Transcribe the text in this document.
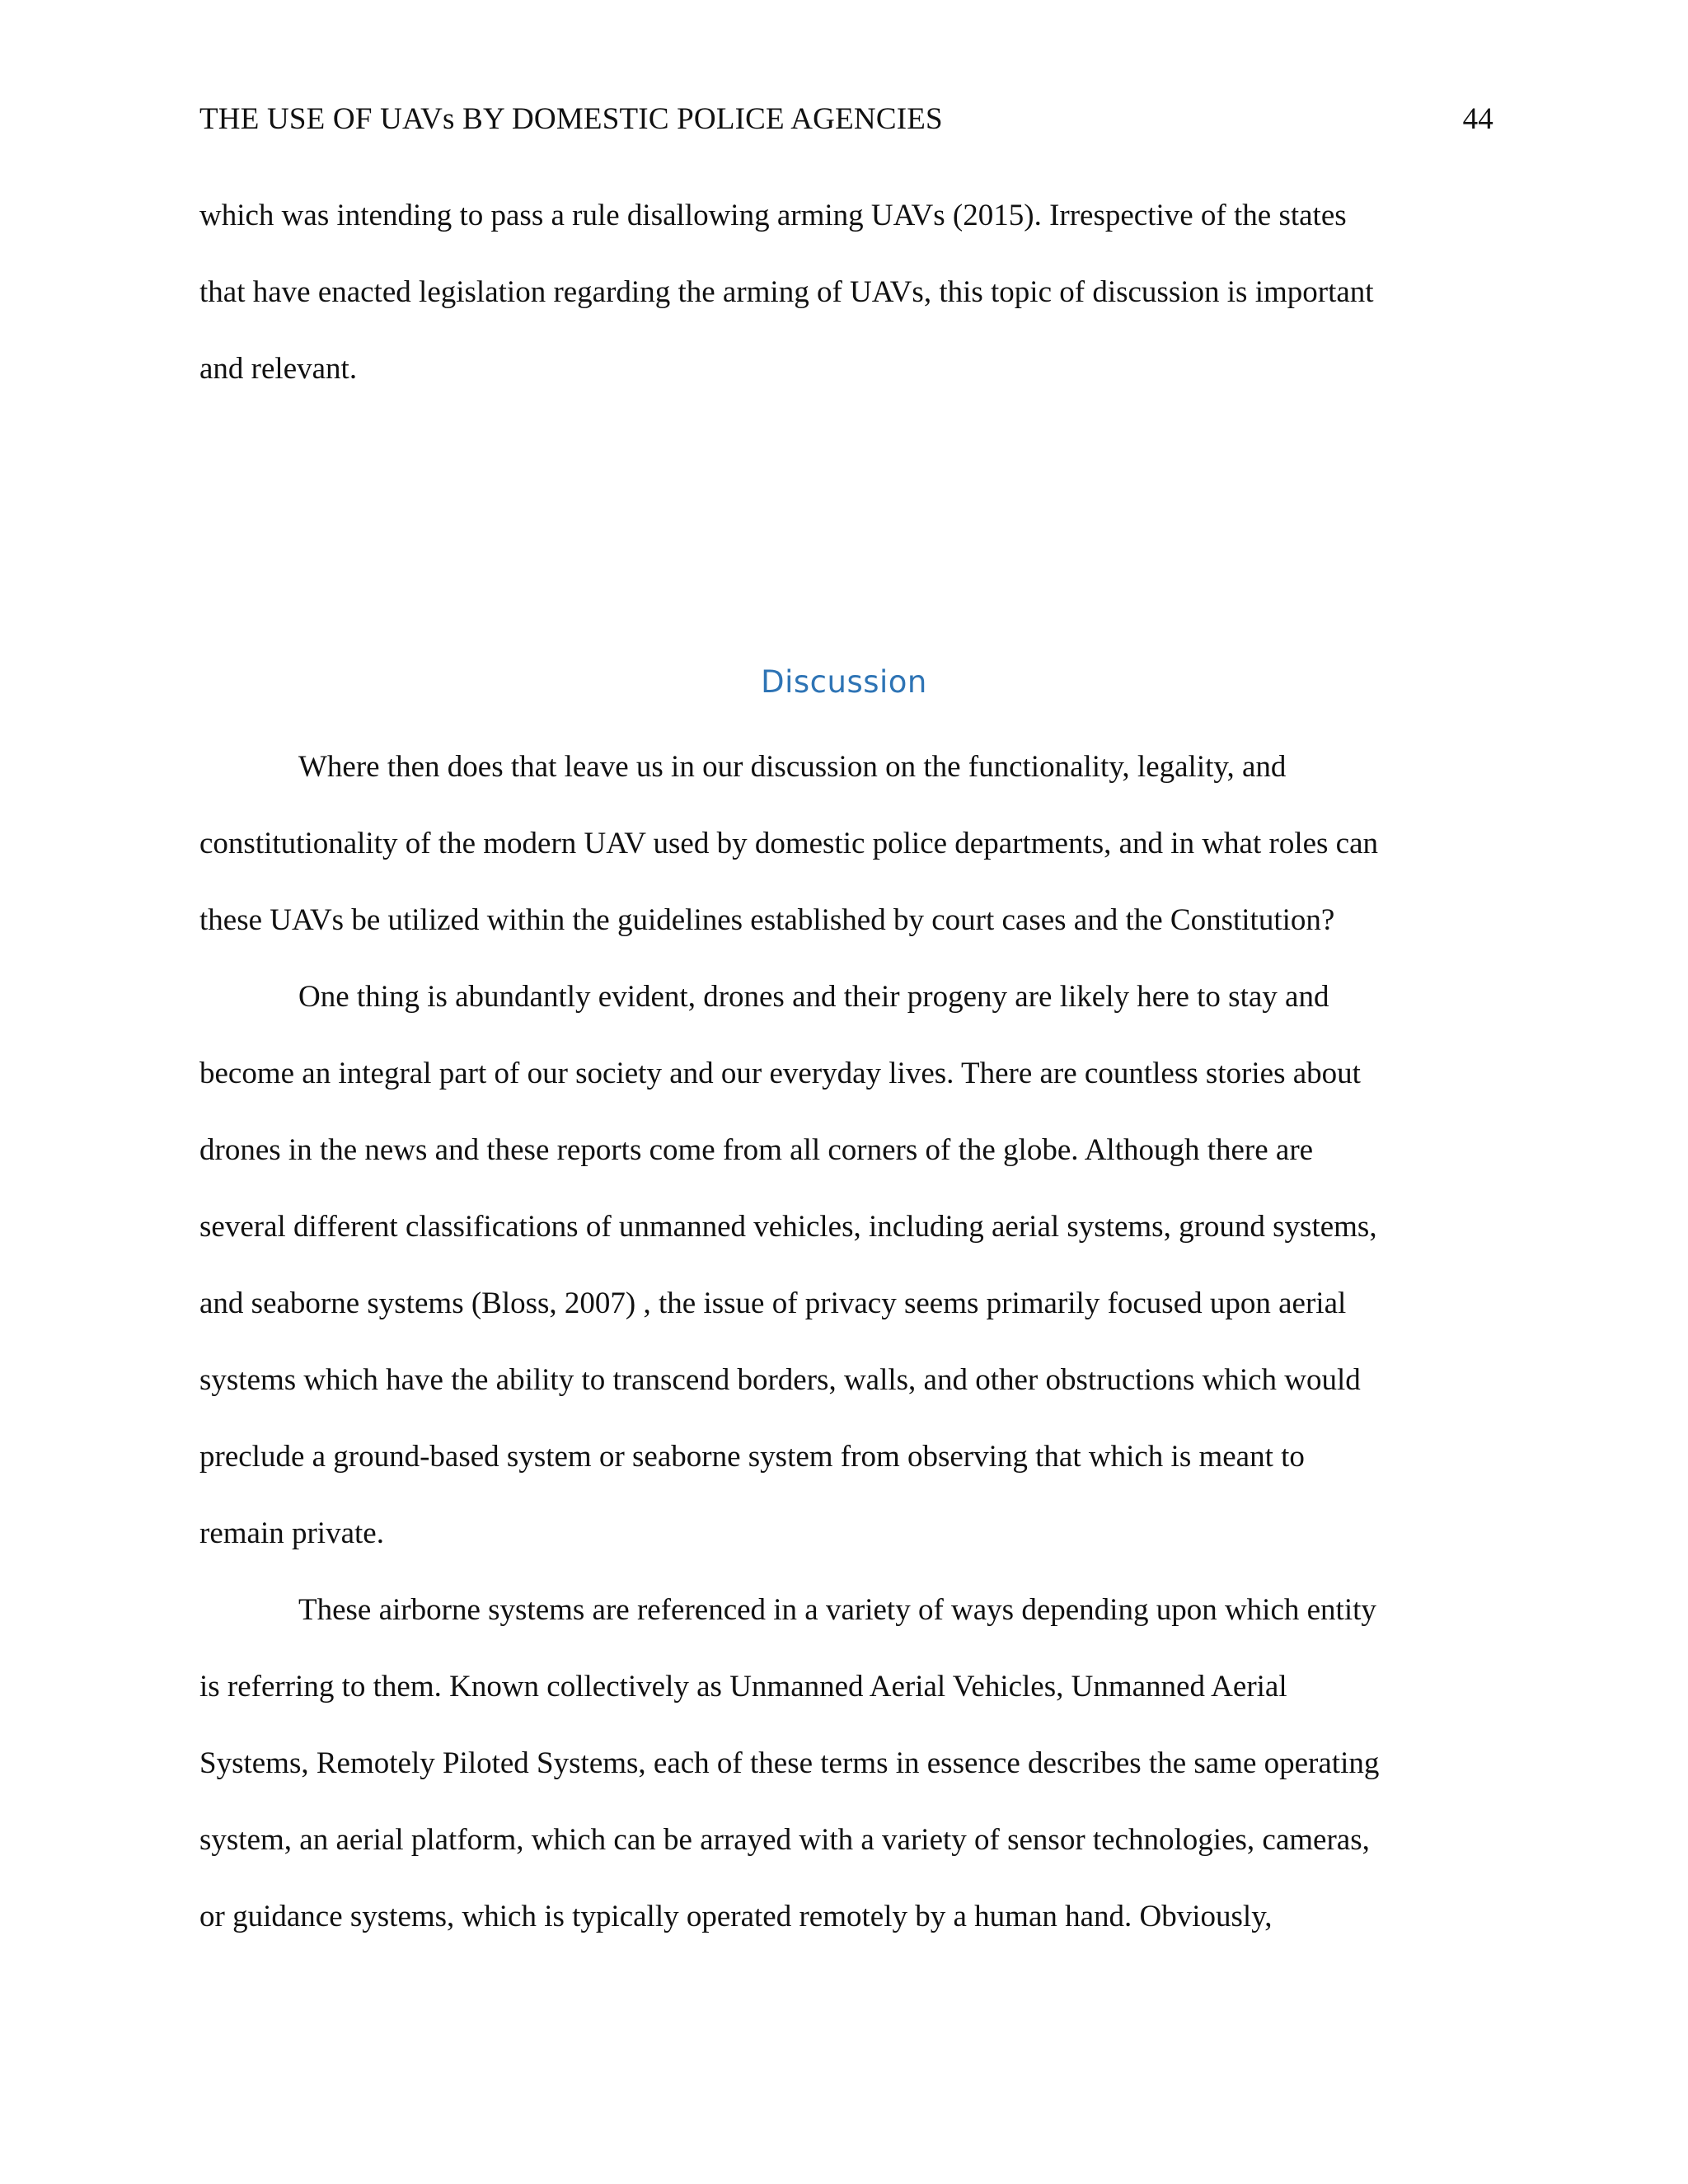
THE USE OF UAVs BY DOMESTIC POLICE AGENCIES	44
which was intending to pass a rule disallowing arming UAVs (2015). Irrespective of the states
that have enacted legislation regarding the arming of UAVs, this topic of discussion is important
and relevant.
Discussion
Where then does that leave us in our discussion on the functionality, legality, and
constitutionality of the modern UAV used by domestic police departments, and in what roles can
these UAVs be utilized within the guidelines established by court cases and the Constitution?
One thing is abundantly evident, drones and their progeny are likely here to stay and
become an integral part of our society and our everyday lives. There are countless stories about
drones in the news and these reports come from all corners of the globe. Although there are
several different classifications of unmanned vehicles, including aerial systems, ground systems,
and seaborne systems (Bloss, 2007) , the issue of privacy seems primarily focused upon aerial
systems which have the ability to transcend borders, walls, and other obstructions which would
preclude a ground-based system or seaborne system from observing that which is meant to
remain private.
These airborne systems are referenced in a variety of ways depending upon which entity
is referring to them. Known collectively as Unmanned Aerial Vehicles, Unmanned Aerial
Systems, Remotely Piloted Systems, each of these terms in essence describes the same operating
system, an aerial platform, which can be arrayed with a variety of sensor technologies, cameras,
or guidance systems, which is typically operated remotely by a human hand. Obviously,
